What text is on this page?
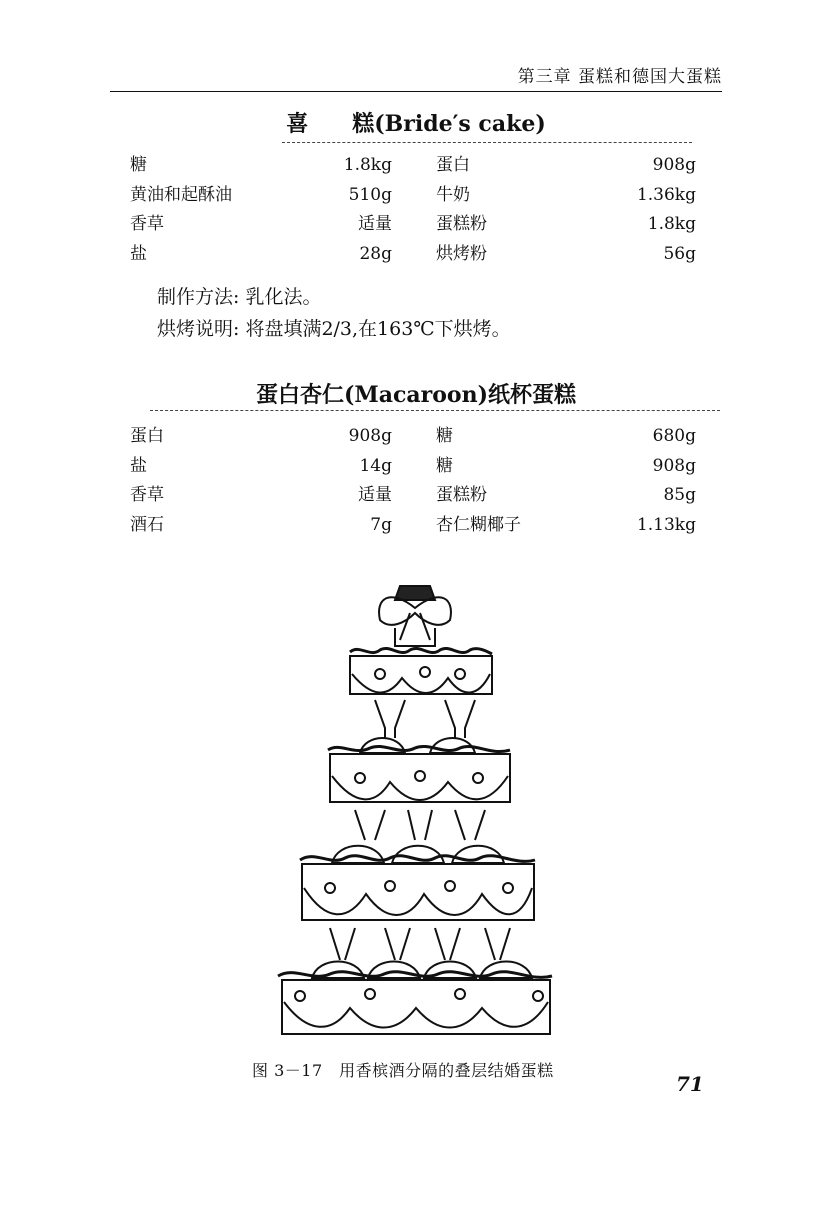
第三章 蛋糕和德国大蛋糕
喜　　糕(Bride′s cake)
糖	1.8kg	蛋白	908g
黄油和起酥油	510g	牛奶	1.36kg
香草	适量	蛋糕粉	1.8kg
盐	28g	烘烤粉	56g
制作方法: 乳化法。
烘烤说明: 将盘填满2/3,在163℃下烘烤。
蛋白杏仁(Macaroon)纸杯蛋糕
蛋白	908g	糖	680g
盐	14g	糖	908g
香草	适量	蛋糕粉	85g
酒石	7g	杏仁糊椰子	1.13kg
图 3－17　用香槟酒分隔的叠层结婚蛋糕
71
